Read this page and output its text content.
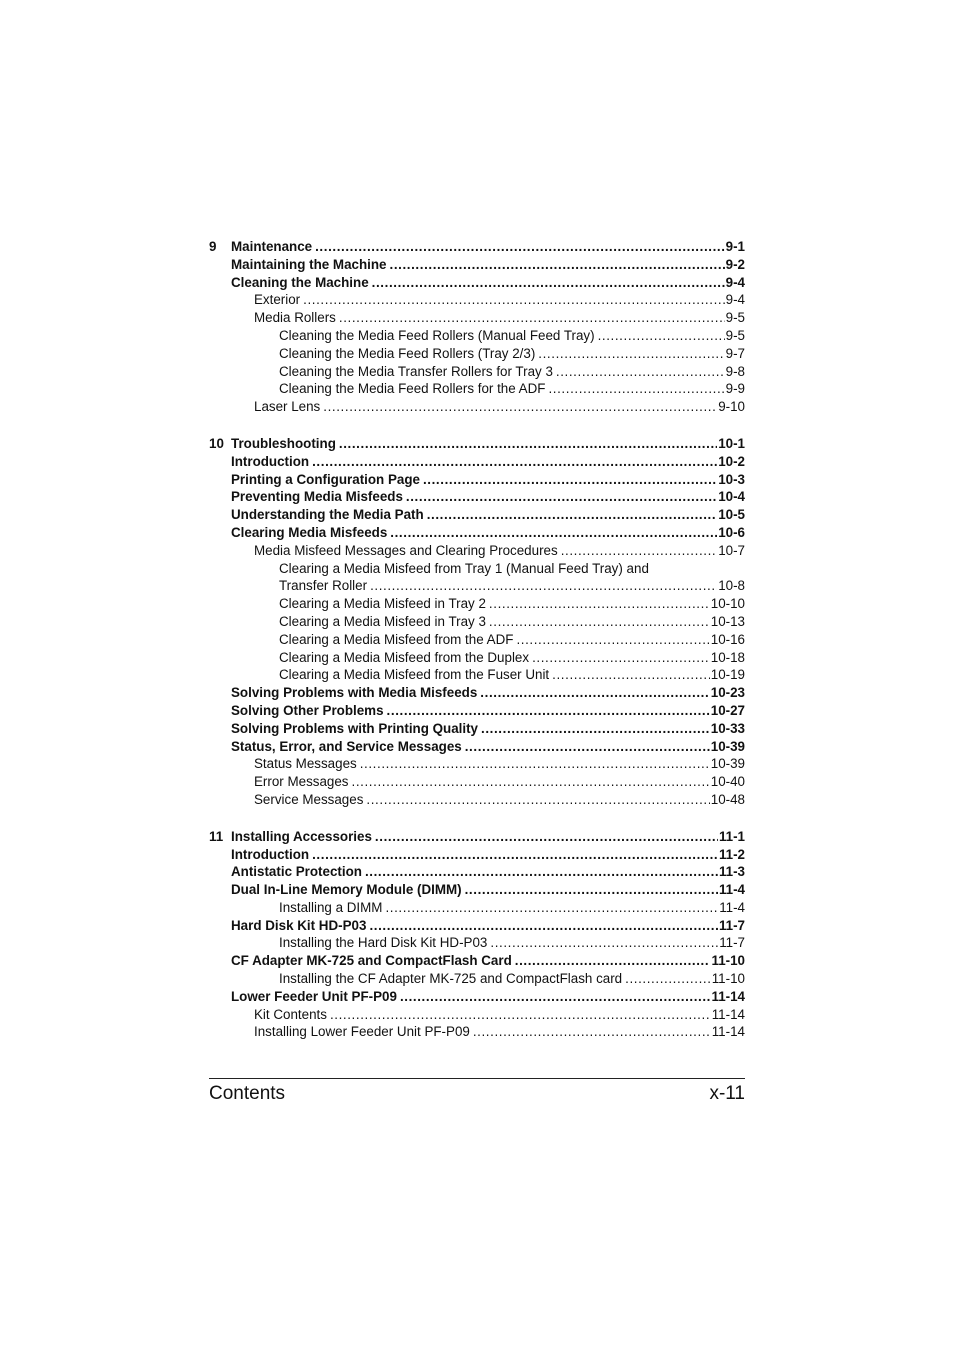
9 Maintenance .....	9-1
Maintaining the Machine .....	9-2
Cleaning the Machine .....	9-4
Exterior .....	9-4
Media Rollers .....	9-5
Cleaning the Media Feed Rollers (Manual Feed Tray) .....	9-5
Cleaning the Media Feed Rollers (Tray 2/3) .....	9-7
Cleaning the Media Transfer Rollers for Tray 3 .....	9-8
Cleaning the Media Feed Rollers for the ADF .....	9-9
Laser Lens .....	9-10
10 Troubleshooting .....	10-1
Introduction .....	10-2
Printing a Configuration Page .....	10-3
Preventing Media Misfeeds .....	10-4
Understanding the Media Path .....	10-5
Clearing Media Misfeeds .....	10-6
Media Misfeed Messages and Clearing Procedures .....	10-7
Clearing a Media Misfeed from Tray 1 (Manual Feed Tray) and
Transfer Roller .....	10-8
Clearing a Media Misfeed in Tray 2 .....	10-10
Clearing a Media Misfeed in Tray 3 .....	10-13
Clearing a Media Misfeed from the ADF .....	10-16
Clearing a Media Misfeed from the Duplex .....	10-18
Clearing a Media Misfeed from the Fuser Unit .....	10-19
Solving Problems with Media Misfeeds .....	10-23
Solving Other Problems .....	10-27
Solving Problems with Printing Quality .....	10-33
Status, Error, and Service Messages .....	10-39
Status Messages .....	10-39
Error Messages .....	10-40
Service Messages .....	10-48
11 Installing Accessories .....	11-1
Introduction .....	11-2
Antistatic Protection .....	11-3
Dual In-Line Memory Module (DIMM) .....	11-4
Installing a DIMM .....	11-4
Hard Disk Kit HD-P03 .....	11-7
Installing the Hard Disk Kit HD-P03 .....	11-7
CF Adapter MK-725 and CompactFlash Card .....	11-10
Installing the CF Adapter MK-725 and CompactFlash card .....	11-10
Lower Feeder Unit PF-P09 .....	11-14
Kit Contents .....	11-14
Installing Lower Feeder Unit PF-P09 .....	11-14
Contents	x-11
